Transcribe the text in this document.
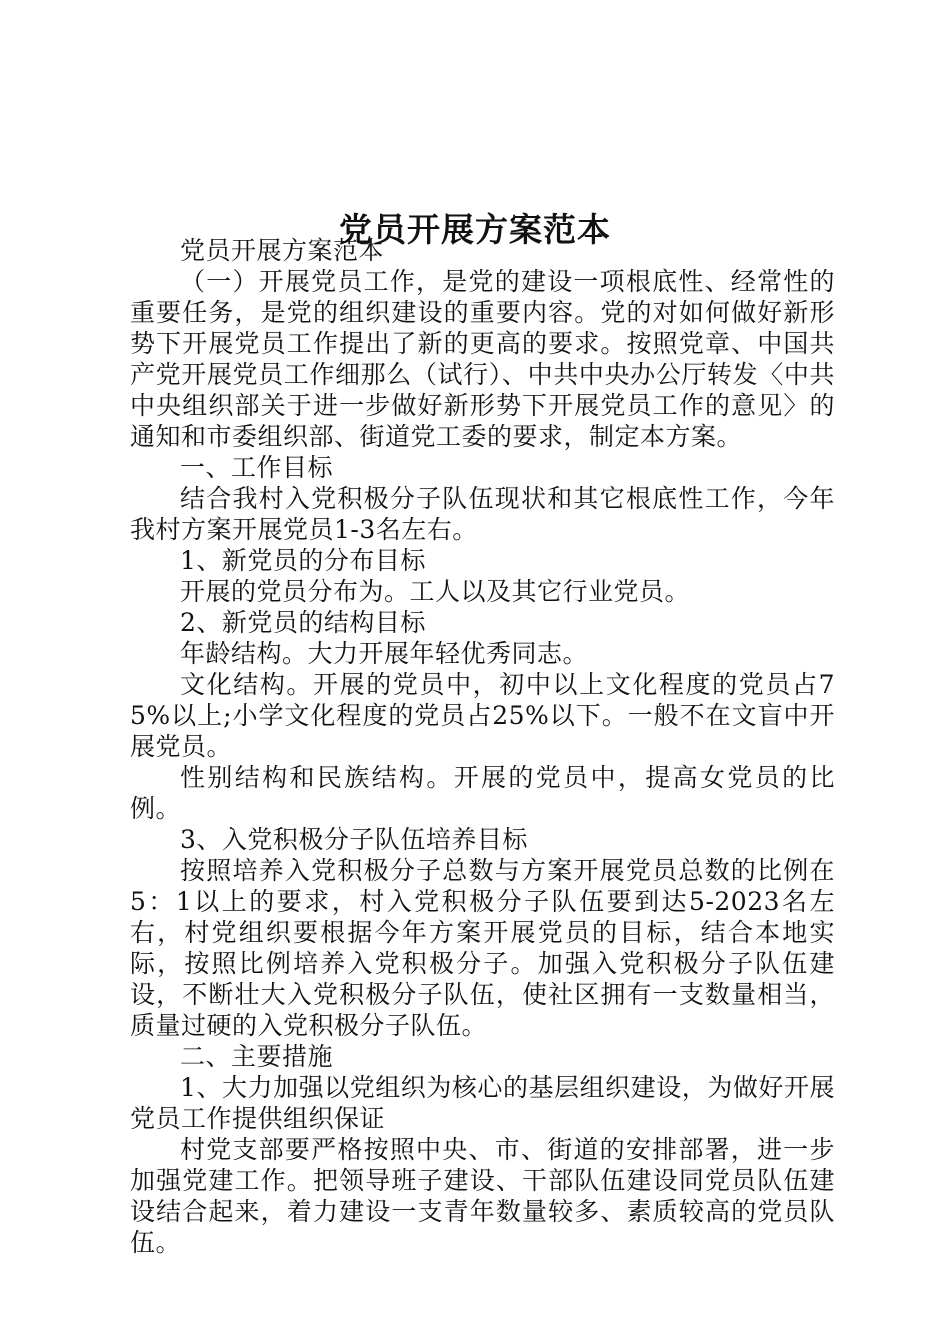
党员开展方案范本

党员开展方案范本

（一）开展党员工作，是党的建设一项根底性、经常性的重要任务，是党的组织建设的重要内容。党的对如何做好新形势下开展党员工作提出了新的更高的要求。按照党章、中国共产党开展党员工作细那么（试行）、中共中央办公厅转发〈中共中央组织部关于进一步做好新形势下开展党员工作的意见〉的通知和市委组织部、街道党工委的要求，制定本方案。

一、工作目标

结合我村入党积极分子队伍现状和其它根底性工作，今年我村方案开展党员1-3名左右。

1、新党员的分布目标

开展的党员分布为。工人以及其它行业党员。

2、新党员的结构目标

年龄结构。大力开展年轻优秀同志。

文化结构。开展的党员中，初中以上文化程度的党员占75%以上;小学文化程度的党员占25%以下。一般不在文盲中开展党员。

性别结构和民族结构。开展的党员中，提高女党员的比例。

3、入党积极分子队伍培养目标

按照培养入党积极分子总数与方案开展党员总数的比例在5：1以上的要求，村入党积极分子队伍要到达5-2023名左右，村党组织要根据今年方案开展党员的目标，结合本地实际，按照比例培养入党积极分子。加强入党积极分子队伍建设，不断壮大入党积极分子队伍，使社区拥有一支数量相当，质量过硬的入党积极分子队伍。

二、主要措施

1、大力加强以党组织为核心的基层组织建设，为做好开展党员工作提供组织保证

村党支部要严格按照中央、市、街道的安排部署，进一步加强党建工作。把领导班子建设、干部队伍建设同党员队伍建设结合起来，着力建设一支青年数量较多、素质较高的党员队伍。
